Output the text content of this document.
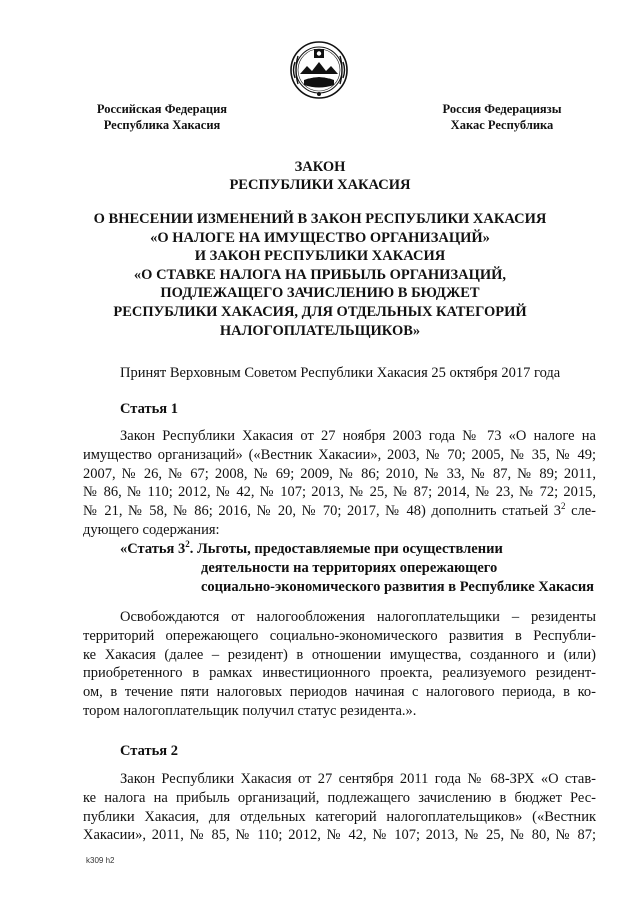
Российская Федерация
Республика Хакасия
Россия Федерациязы
Хакас Республика
ЗАКОН
РЕСПУБЛИКИ ХАКАСИЯ
О ВНЕСЕНИИ ИЗМЕНЕНИЙ В ЗАКОН РЕСПУБЛИКИ ХАКАСИЯ
«О НАЛОГЕ НА ИМУЩЕСТВО ОРГАНИЗАЦИЙ»
И ЗАКОН РЕСПУБЛИКИ ХАКАСИЯ
«О СТАВКЕ НАЛОГА НА ПРИБЫЛЬ ОРГАНИЗАЦИЙ,
ПОДЛЕЖАЩЕГО ЗАЧИСЛЕНИЮ В БЮДЖЕТ
РЕСПУБЛИКИ ХАКАСИЯ, ДЛЯ ОТДЕЛЬНЫХ КАТЕГОРИЙ
НАЛОГОПЛАТЕЛЬЩИКОВ»
Принят Верховным Советом Республики Хакасия 25 октября 2017 года
Статья 1
Закон Республики Хакасия от 27 ноября 2003 года № 73 «О налоге на
имущество организаций» («Вестник Хакасии», 2003, № 70; 2005, № 35, № 49;
2007, № 26, № 67; 2008, № 69; 2009, № 86; 2010, № 33, № 87, № 89; 2011,
№ 86, № 110; 2012, № 42, № 107; 2013, № 25, № 87; 2014, № 23, № 72; 2015,
№ 21, № 58, № 86; 2016, № 20, № 70; 2017, № 48) дополнить статьей $3^2$ сле-
дующего содержания:
«Статья $3^2$. Льготы, предоставляемые при осуществлении
деятельности на территориях опережающего
социально-экономического развития в Республике Хакасия
Освобождаются от налогообложения налогоплательщики – резиденты
территорий опережающего социально-экономического развития в Республи-
ке Хакасия (далее – резидент) в отношении имущества, созданного и (или)
приобретенного в рамках инвестиционного проекта, реализуемого резидент-
ом, в течение пяти налоговых периодов начиная с налогового периода, в ко-
тором налогоплательщик получил статус резидента.».
Статья 2
Закон Республики Хакасия от 27 сентября 2011 года № 68-ЗРХ «О став-
ке налога на прибыль организаций, подлежащего зачислению в бюджет Рес-
публики Хакасия, для отдельных категорий налогоплательщиков» («Вестник
Хакасии», 2011, № 85, № 110; 2012, № 42, № 107; 2013, № 25, № 80, № 87;
k309 h2
